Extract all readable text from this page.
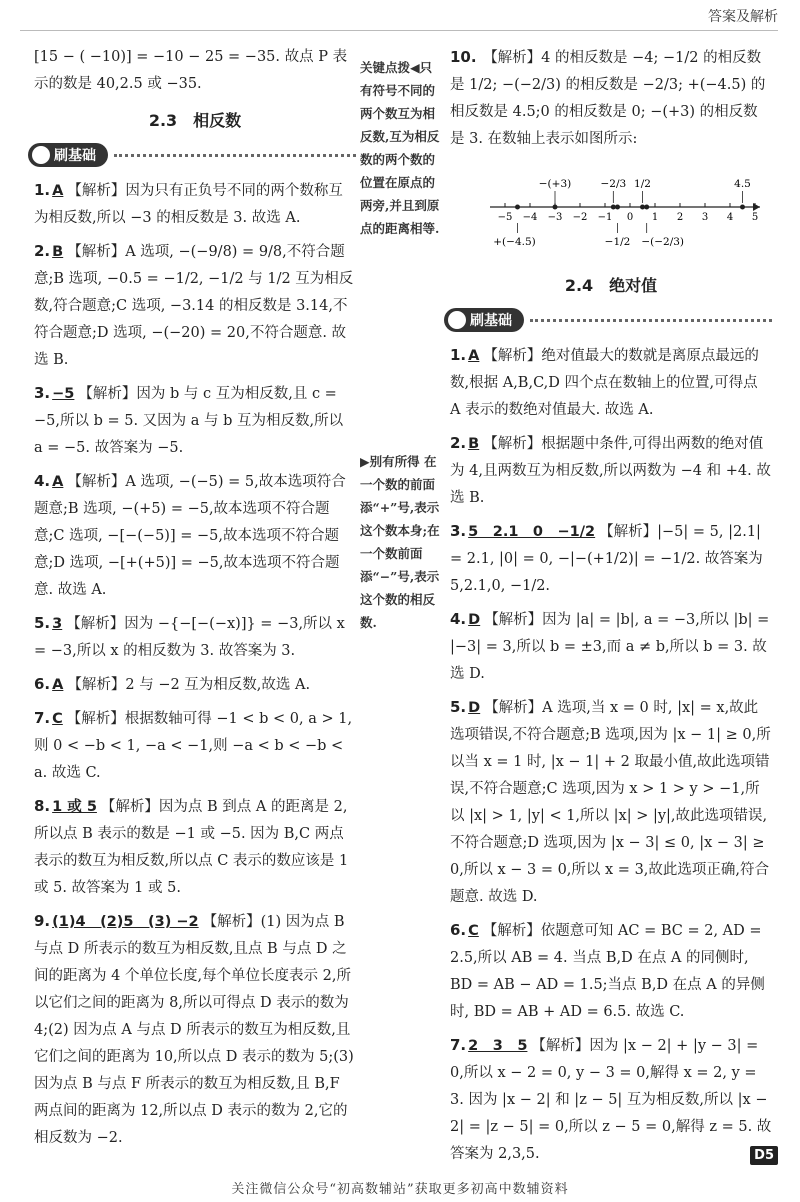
答案及解析

[15 − ( −10)] = −10 − 25 = −35. 故点 P 表示的数是 40,2.5 或 −35.

2.3　相反数
刷基础

1. A 【解析】因为只有正负号不同的两个数称互为相反数,所以 −3 的相反数是 3. 故选 A.

2. B 【解析】A 选项, −(−9/8) = 9/8,不符合题意;B 选项, −0.5 = −1/2, −1/2 与 1/2 互为相反数,符合题意;C 选项, −3.14 的相反数是 3.14,不符合题意;D 选项, −(−20) = 20,不符合题意. 故选 B.

3. −5 【解析】因为 b 与 c 互为相反数,且 c = −5,所以 b = 5. 又因为 a 与 b 互为相反数,所以 a = −5. 故答案为 −5.

4. A 【解析】A 选项, −(−5) = 5,故本选项符合题意;B 选项, −(+5) = −5,故本选项不符合题意;C 选项, −[−(−5)] = −5,故本选项不符合题意;D 选项, −[+(+5)] = −5,故本选项不符合题意. 故选 A.

5. 3 【解析】因为 −{−[−(−x)]} = −3,所以 x = −3,所以 x 的相反数为 3. 故答案为 3.

6. A 【解析】2 与 −2 互为相反数,故选 A.

7. C 【解析】根据数轴可得 −1 < b < 0, a > 1,则 0 < −b < 1, −a < −1,则 −a < b < −b < a. 故选 C.

8. 1 或 5 【解析】因为点 B 到点 A 的距离是 2,所以点 B 表示的数是 −1 或 −5. 因为 B,C 两点表示的数互为相反数,所以点 C 表示的数应该是 1 或 5. 故答案为 1 或 5.

9. (1)4　(2)5　(3) −2 【解析】(1) 因为点 B 与点 D 所表示的数互为相反数,且点 B 与点 D 之间的距离为 4 个单位长度,每个单位长度表示 2,所以它们之间的距离为 8,所以可得点 D 表示的数为 4;(2) 因为点 A 与点 D 所表示的数互为相反数,且它们之间的距离为 10,所以点 D 表示的数为 5;(3) 因为点 B 与点 F 所表示的数互为相反数,且 B,F 两点间的距离为 12,所以点 D 表示的数为 2,它的相反数为 −2.

关键点拨◀只有符号不同的两个数互为相反数,互为相反数的两个数的位置在原点的两旁,并且到原点的距离相等.

▶别有所得 在一个数的前面添“+”号,表示这个数本身;在一个数前面添“−”号,表示这个数的相反数.

10. 【解析】4 的相反数是 −4; −1/2 的相反数是 1/2; −(−2/3) 的相反数是 −2/3; +(−4.5) 的相反数是 4.5;0 的相反数是 0; −(+3) 的相反数是 3. 在数轴上表示如图所示:

−5 −4 −3 −2 −1 0 1 2 3 4 5
−(+3)	−2/3 1/2	4.5
+(−4.5)	−1/2 −(−2/3)
2.4　绝对值
刷基础

1. A 【解析】绝对值最大的数就是离原点最远的数,根据 A,B,C,D 四个点在数轴上的位置,可得点 A 表示的数绝对值最大. 故选 A.

2. B 【解析】根据题中条件,可得出两数的绝对值为 4,且两数互为相反数,所以两数为 −4 和 +4. 故选 B.

3. 5　2.1　0　−1/2 【解析】|−5| = 5, |2.1| = 2.1, |0| = 0, −|−(+1/2)| = −1/2. 故答案为 5,2.1,0, −1/2.

4. D 【解析】因为 |a| = |b|, a = −3,所以 |b| = |−3| = 3,所以 b = ±3,而 a ≠ b,所以 b = 3. 故选 D.

5. D 【解析】A 选项,当 x = 0 时, |x| = x,故此选项错误,不符合题意;B 选项,因为 |x − 1| ≥ 0,所以当 x = 1 时, |x − 1| + 2 取最小值,故此选项错误,不符合题意;C 选项,因为 x > 1 > y > −1,所以 |x| > 1, |y| < 1,所以 |x| > |y|,故此选项错误,不符合题意;D 选项,因为 |x − 3| ≤ 0, |x − 3| ≥ 0,所以 x − 3 = 0,所以 x = 3,故此选项正确,符合题意. 故选 D.

6. C 【解析】依题意可知 AC = BC = 2, AD = 2.5,所以 AB = 4. 当点 B,D 在点 A 的同侧时, BD = AB − AD = 1.5;当点 B,D 在点 A 的异侧时, BD = AB + AD = 6.5. 故选 C.

7. 2　3　5 【解析】因为 |x − 2| + |y − 3| = 0,所以 x − 2 = 0, y − 3 = 0,解得 x = 2, y = 3. 因为 |x − 2| 和 |z − 5| 互为相反数,所以 |x − 2| = |z − 5| = 0,所以 z − 5 = 0,解得 z = 5. 故答案为 2,3,5.	D5
关注微信公众号“初高数辅站”获取更多初高中数辅资料
